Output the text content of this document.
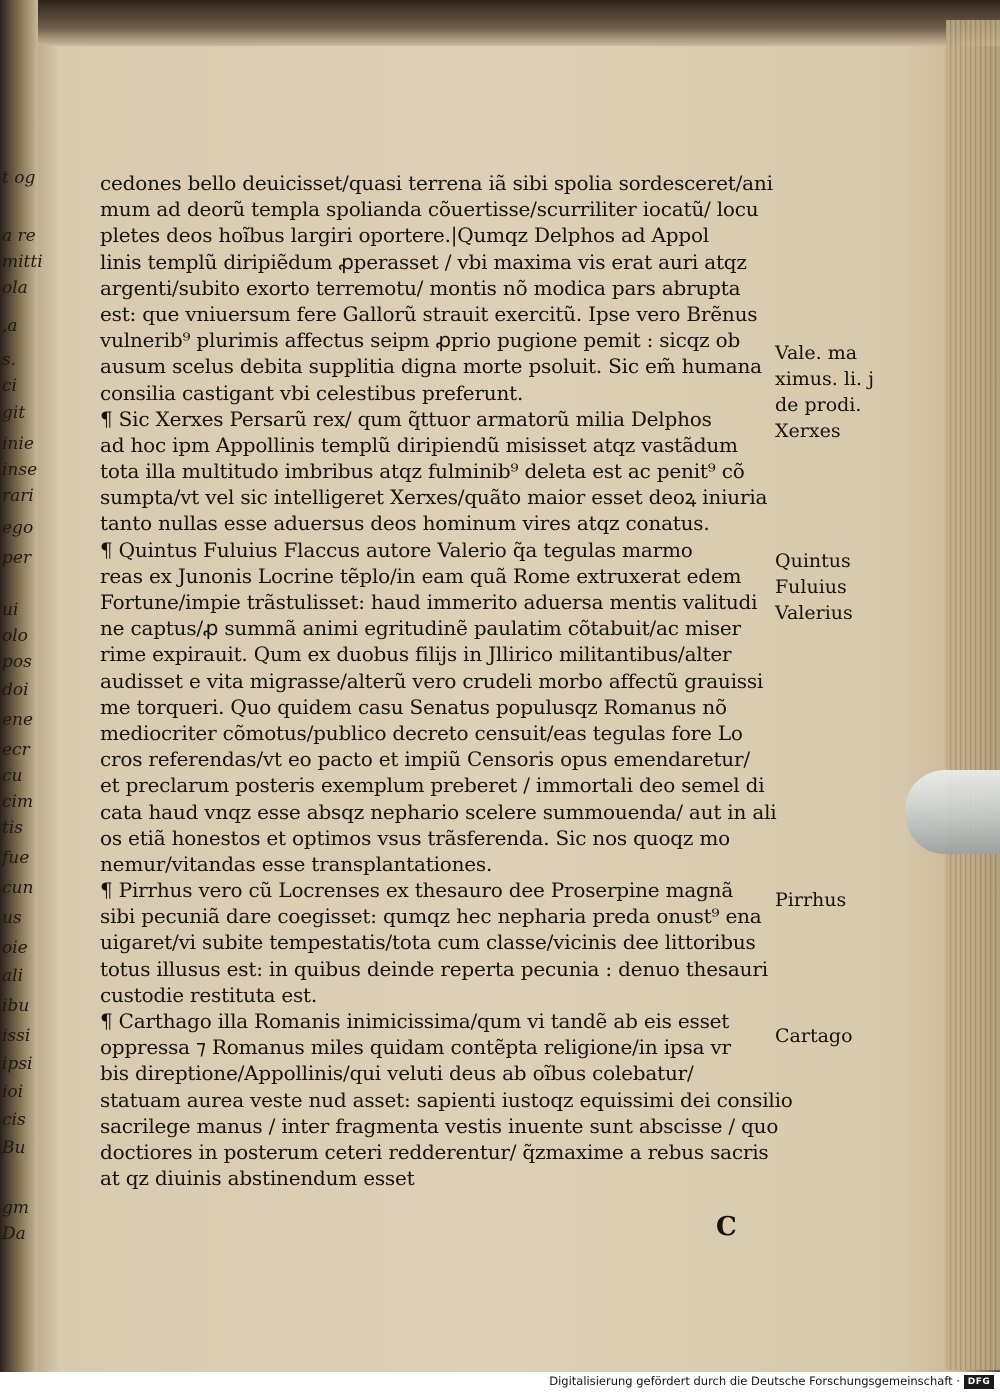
t og
a re
mitti
ola
,a
s.
ci
git
inie
inse
rari
ego
per
ui
olo
pos
doi
ene
ecr
cu
cim
tis
fue
cun
us
oie
ali
ibu
issi
ipsi
ioi
cis
Bu
gm
Da
cedones bello deuicisset/quasi terrena iã sibi spolia sordesceret/ani
mum ad deorũ templa spolianda cõuertisse/scurriliter iocatũ/ locu
pletes deos hoĩbus largiri oportere.|Qumqz Delphos ad Appol
linis templũ diripiẽdum ꝓperasset / vbi maxima vis erat auri atqz
argenti/subito exorto terremotu/ montis nõ modica pars abrupta
est: que vniuersum fere Gallorũ strauit exercitũ. Ipse vero Brẽnus
vulnerib⁹ plurimis affectus seipm ꝓprio pugione pemit : sicqz ob
ausum scelus debita supplitia digna morte psoluit. Sic em̃ humana
consilia castigant vbi celestibus preferunt.
¶ Sic Xerxes Persarũ rex/ qum q̃ttuor armatorũ milia Delphos
ad hoc ipm Appollinis templũ diripiendũ misisset atqz vastãdum
tota illa multitudo imbribus atqz fulminib⁹ deleta est ac penit⁹ cõ
sumpta/vt vel sic intelligeret Xerxes/quãto maior esset deoꝝ iniuria
tanto nullas esse aduersus deos hominum vires atqz conatus.
¶ Quintus Fuluius Flaccus autore Valerio q̃a tegulas marmo
reas ex Junonis Locrine tẽplo/in eam quã Rome extruxerat edem
Fortune/impie trãstulisset: haud immerito aduersa mentis valitudi
ne captus/ꝓ summã animi egritudinẽ paulatim cõtabuit/ac miser
rime expirauit. Qum ex duobus filijs in Jllirico militantibus/alter
audisset e vita migrasse/alterũ vero crudeli morbo affectũ grauissi
me torqueri. Quo quidem casu Senatus populusqz Romanus nõ
mediocriter cõmotus/publico decreto censuit/eas tegulas fore Lo
cros referendas/vt eo pacto et impiũ Censoris opus emendaretur/
et preclarum posteris exemplum preberet / immortali deo semel di
cata haud vnqz esse absqz nephario scelere summouenda/ aut in ali
os etiã honestos et optimos vsus trãsferenda. Sic nos quoqz mo
nemur/vitandas esse transplantationes.
¶ Pirrhus vero cũ Locrenses ex thesauro dee Proserpine magnã
sibi pecuniã dare coegisset: qumqz hec nepharia preda onust⁹ ena
uigaret/vi subite tempestatis/tota cum classe/vicinis dee littoribus
totus illusus est: in quibus deinde reperta pecunia : denuo thesauri
custodie restituta est.
¶ Carthago illa Romanis inimicissima/qum vi tandẽ ab eis esset
oppressa ⁊ Romanus miles quidam contẽpta religione/in ipsa vr
bis direptione/Appollinis/qui veluti deus ab oĩbus colebatur/
statuam aurea veste nud asset: sapienti iustoqz equissimi dei consilio
sacrilege manus / inter fragmenta vestis inuente sunt abscisse / quo
doctiores in posterum ceteri redderentur/ q̃zmaxime a rebus sacris
at qz diuinis abstinendum esset
Vale. ma
ximus. li. j
de prodi.
Xerxes
Quintus
Fuluius
Valerius
Pirrhus
Cartago
C
Digitalisierung gefördert durch die Deutsche Forschungsgemeinschaft · DFG
